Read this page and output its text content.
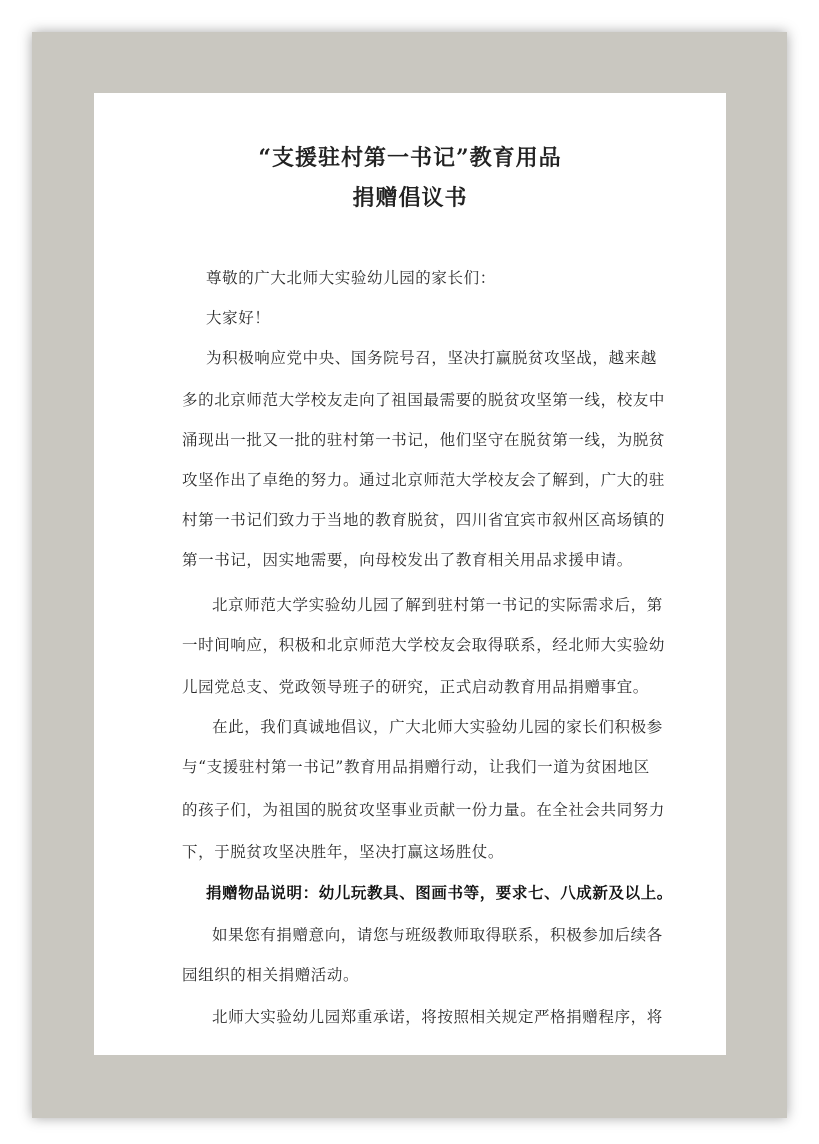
“支援驻村第一书记”教育用品
捐赠倡议书
尊敬的广大北师大实验幼儿园的家长们：
大家好！
为积极响应党中央、国务院号召，坚决打赢脱贫攻坚战，越来越
多的北京师范大学校友走向了祖国最需要的脱贫攻坚第一线，校友中
涌现出一批又一批的驻村第一书记，他们坚守在脱贫第一线，为脱贫
攻坚作出了卓绝的努力。通过北京师范大学校友会了解到，广大的驻
村第一书记们致力于当地的教育脱贫，四川省宜宾市叙州区高场镇的
第一书记，因实地需要，向母校发出了教育相关用品求援申请。
北京师范大学实验幼儿园了解到驻村第一书记的实际需求后，第
一时间响应，积极和北京师范大学校友会取得联系，经北师大实验幼
儿园党总支、党政领导班子的研究，正式启动教育用品捐赠事宜。
在此，我们真诚地倡议，广大北师大实验幼儿园的家长们积极参
与“支援驻村第一书记”教育用品捐赠行动，让我们一道为贫困地区
的孩子们，为祖国的脱贫攻坚事业贡献一份力量。在全社会共同努力
下，于脱贫攻坚决胜年，坚决打赢这场胜仗。
捐赠物品说明：幼儿玩教具、图画书等，要求七、八成新及以上。
如果您有捐赠意向，请您与班级教师取得联系，积极参加后续各
园组织的相关捐赠活动。
北师大实验幼儿园郑重承诺，将按照相关规定严格捐赠程序，将
